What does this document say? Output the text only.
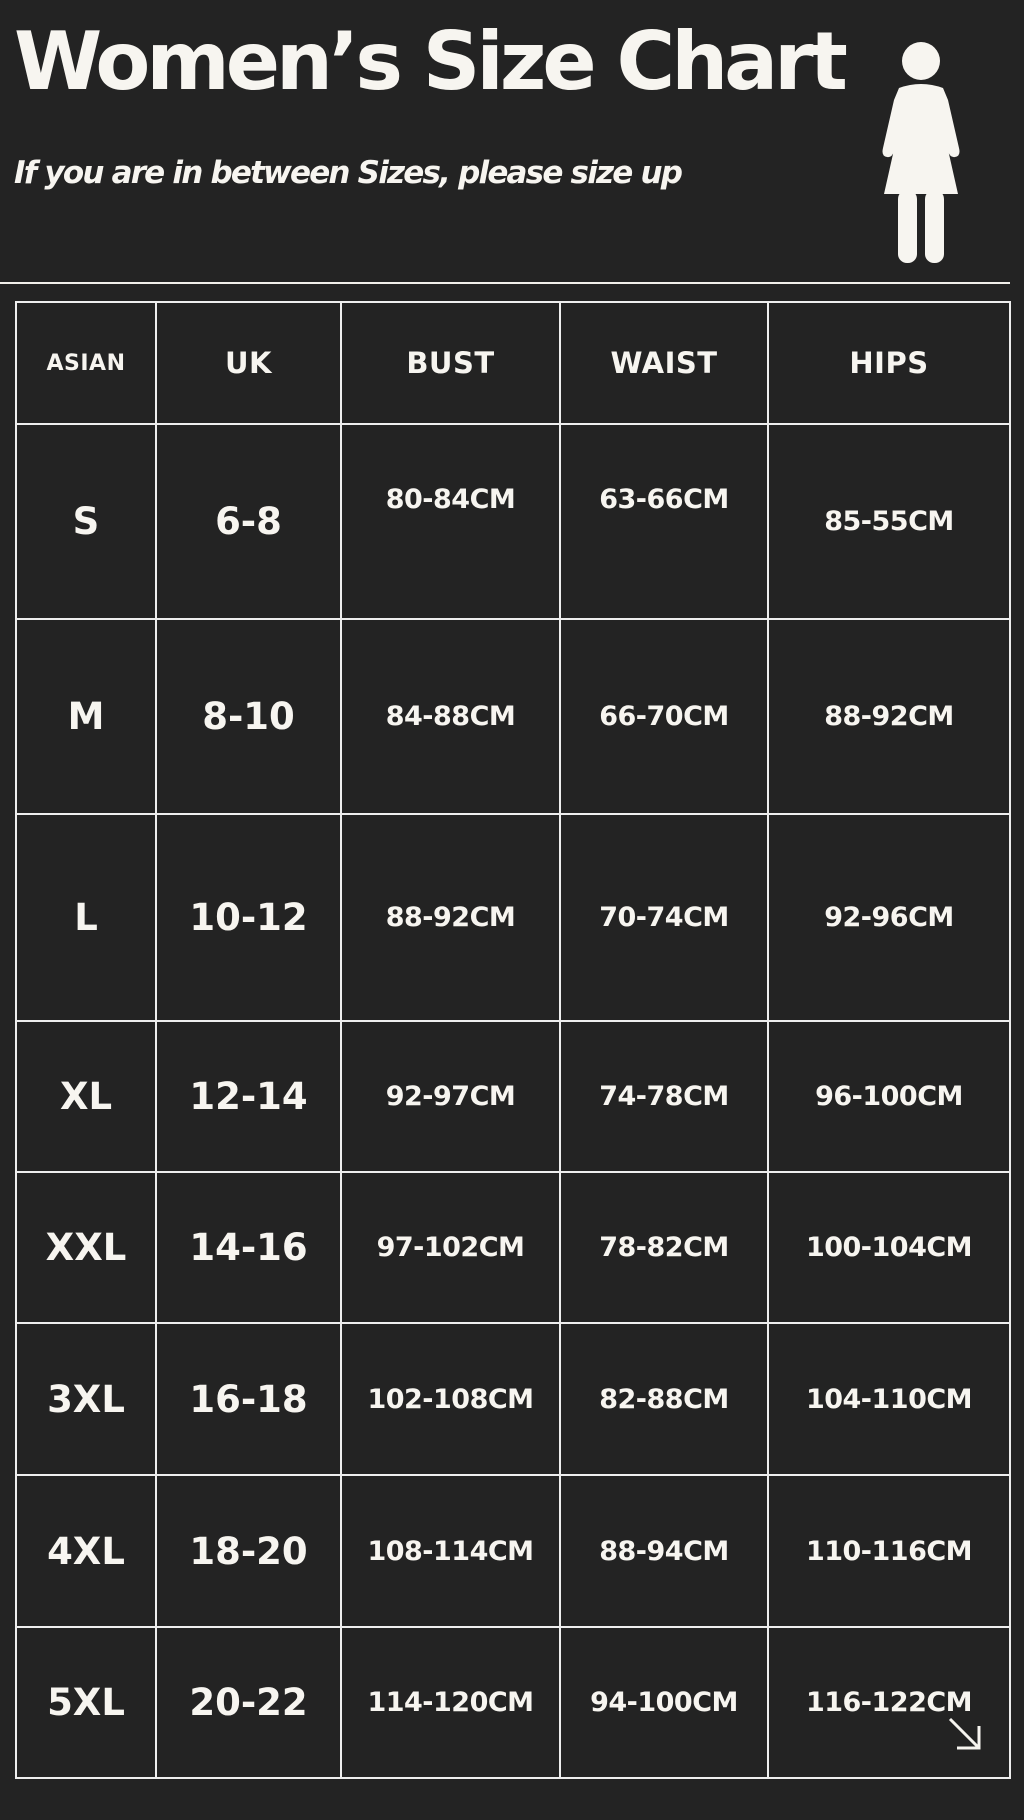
Women’s Size Chart

If you are in between Sizes, please size up

ASIAN	UK	BUST	WAIST	HIPS
S	6-8	80-84CM	63-66CM	85-55CM
M	8-10	84-88CM	66-70CM	88-92CM
L	10-12	88-92CM	70-74CM	92-96CM
XL	12-14	92-97CM	74-78CM	96-100CM
XXL	14-16	97-102CM	78-82CM	100-104CM
3XL	16-18	102-108CM	82-88CM	104-110CM
4XL	18-20	108-114CM	88-94CM	110-116CM
5XL	20-22	114-120CM	94-100CM	116-122CM
